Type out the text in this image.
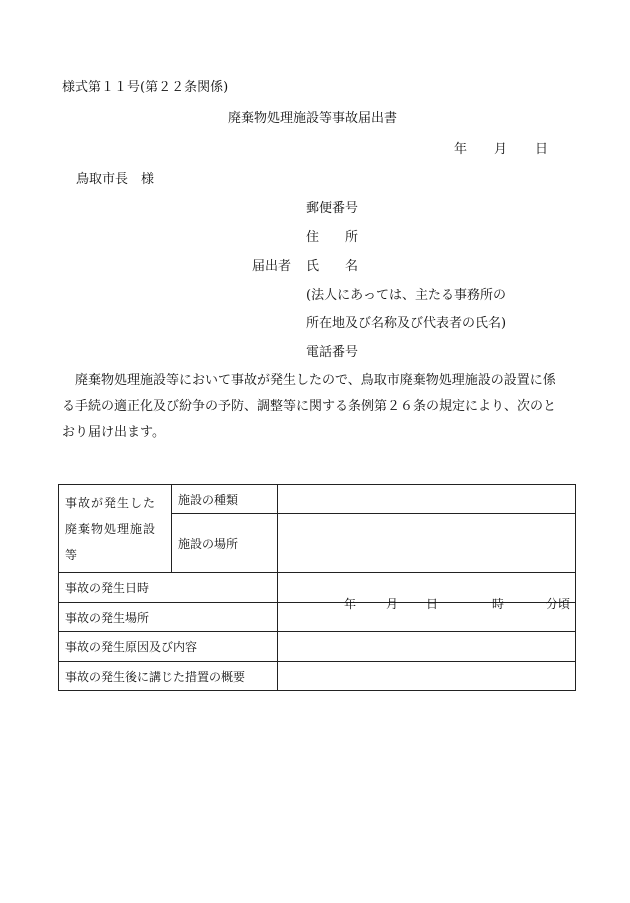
様式第１１号(第２２条関係)
廃棄物処理施設等事故届出書
年 月 日
鳥取市長　様
郵便番号
住　　所
届出者 氏　　名
(法人にあっては、主たる事務所の
所在地及び名称及び代表者の氏名)
電話番号
　廃棄物処理施設等において事故が発生したので、鳥取市廃棄物処理施設の設置に係
る手続の適正化及び紛争の予防、調整等に関する条例第２６条の規定により、次のと
おり届け出ます。
事故が発生した
廃棄物処理施設
等	施設の種類	
	施設の場所	
事故の発生日時		年 月 日 時 分頃

事故の発生場所		
事故の発生原因及び内容		
事故の発生後に講じた措置の概要		
